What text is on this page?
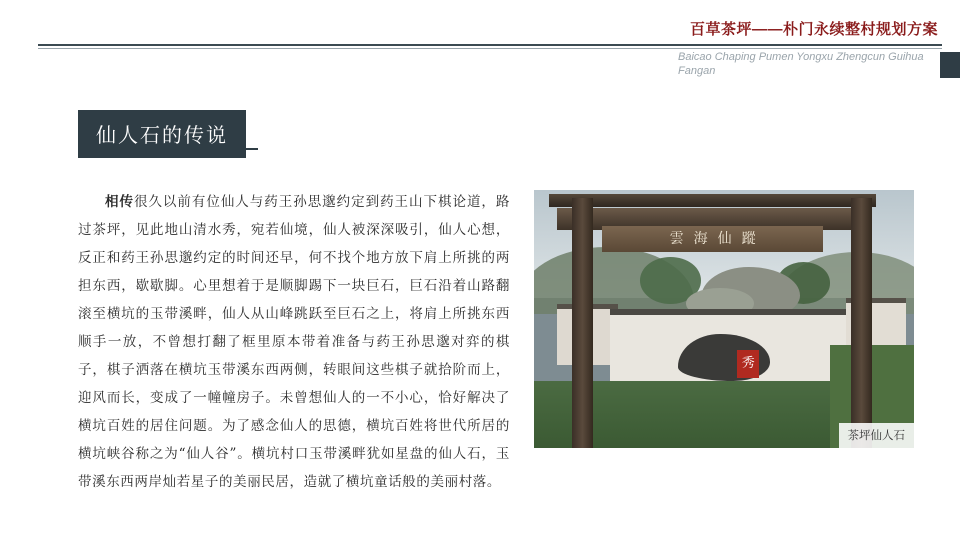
百草茶坪——朴门永续整村规划方案
Baicao Chaping Pumen Yongxu Zhengcun Guihua Fangan
仙人石的传说
相传很久以前有位仙人与药王孙思邈约定到药王山下棋论道，路过茶坪，见此地山清水秀，宛若仙境，仙人被深深吸引，仙人心想，反正和药王孙思邈约定的时间还早，何不找个地方放下肩上所挑的两担东西，歇歇脚。心里想着于是顺脚踢下一块巨石，巨石沿着山路翻滚至横坑的玉带溪畔，仙人从山峰跳跃至巨石之上，将肩上所挑东西顺手一放，不曾想打翻了框里原本带着准备与药王孙思邈对弈的棋子，棋子洒落在横坑玉带溪东西两侧，转眼间这些棋子就拾阶而上，迎风而长，变成了一幢幢房子。未曾想仙人的一不小心，恰好解决了横坑百姓的居住问题。为了感念仙人的思德，横坑百姓将世代所居的横坑峡谷称之为“仙人谷”。横坑村口玉带溪畔犹如星盘的仙人石，玉带溪东西两岸灿若星子的美丽民居，造就了横坑童话般的美丽村落。
秀
雲海仙蹤
茶坪仙人石
